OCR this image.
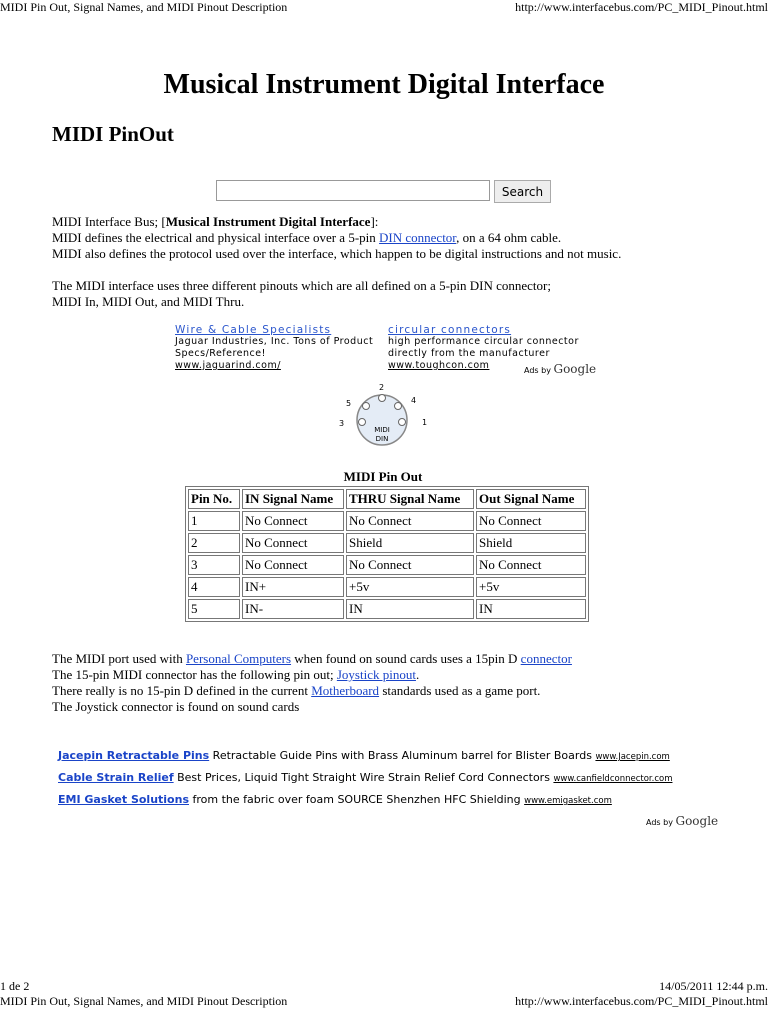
MIDI Pin Out, Signal Names, and MIDI Pinout Description	http://www.interfacebus.com/PC_MIDI_Pinout.html
Musical Instrument Digital Interface
MIDI PinOut
Search
MIDI Interface Bus; [Musical Instrument Digital Interface]:
MIDI defines the electrical and physical interface over a 5-pin DIN connector, on a 64 ohm cable.
MIDI also defines the protocol used over the interface, which happen to be digital instructions and not music.
The MIDI interface uses three different pinouts which are all defined on a 5-pin DIN connector;
MIDI In, MIDI Out, and MIDI Thru.
Wire & Cable Specialists
Jaguar Industries, Inc. Tons of Product
Specs/Reference!
www.jaguarind.com/
circular connectors
high performance circular connector
directly from the manufacturer
www.toughcon.com	Ads by Google
MIDI
DIN
1
2
3
4
5
MIDI Pin Out
Pin No.	IN Signal Name	THRU Signal Name	Out Signal Name
1	No Connect	No Connect	No Connect
2	No Connect	Shield	Shield
3	No Connect	No Connect	No Connect
4	IN+	+5v	+5v
5	IN-	IN	IN
The MIDI port used with Personal Computers when found on sound cards uses a 15pin D connector
The 15-pin MIDI connector has the following pin out; Joystick pinout.
There really is no 15-pin D defined in the current Motherboard standards used as a game port.
The Joystick connector is found on sound cards
Jacepin Retractable Pins Retractable Guide Pins with Brass Aluminum barrel for Blister Boards www.Jacepin.com
Cable Strain Relief Best Prices, Liquid Tight Straight Wire Strain Relief Cord Connectors www.canfieldconnector.com
EMI Gasket Solutions from the fabric over foam SOURCE Shenzhen HFC Shielding www.emigasket.com
Ads by Google
1 de 2	14/05/2011 12:44 p.m.
MIDI Pin Out, Signal Names, and MIDI Pinout Description	http://www.interfacebus.com/PC_MIDI_Pinout.html
